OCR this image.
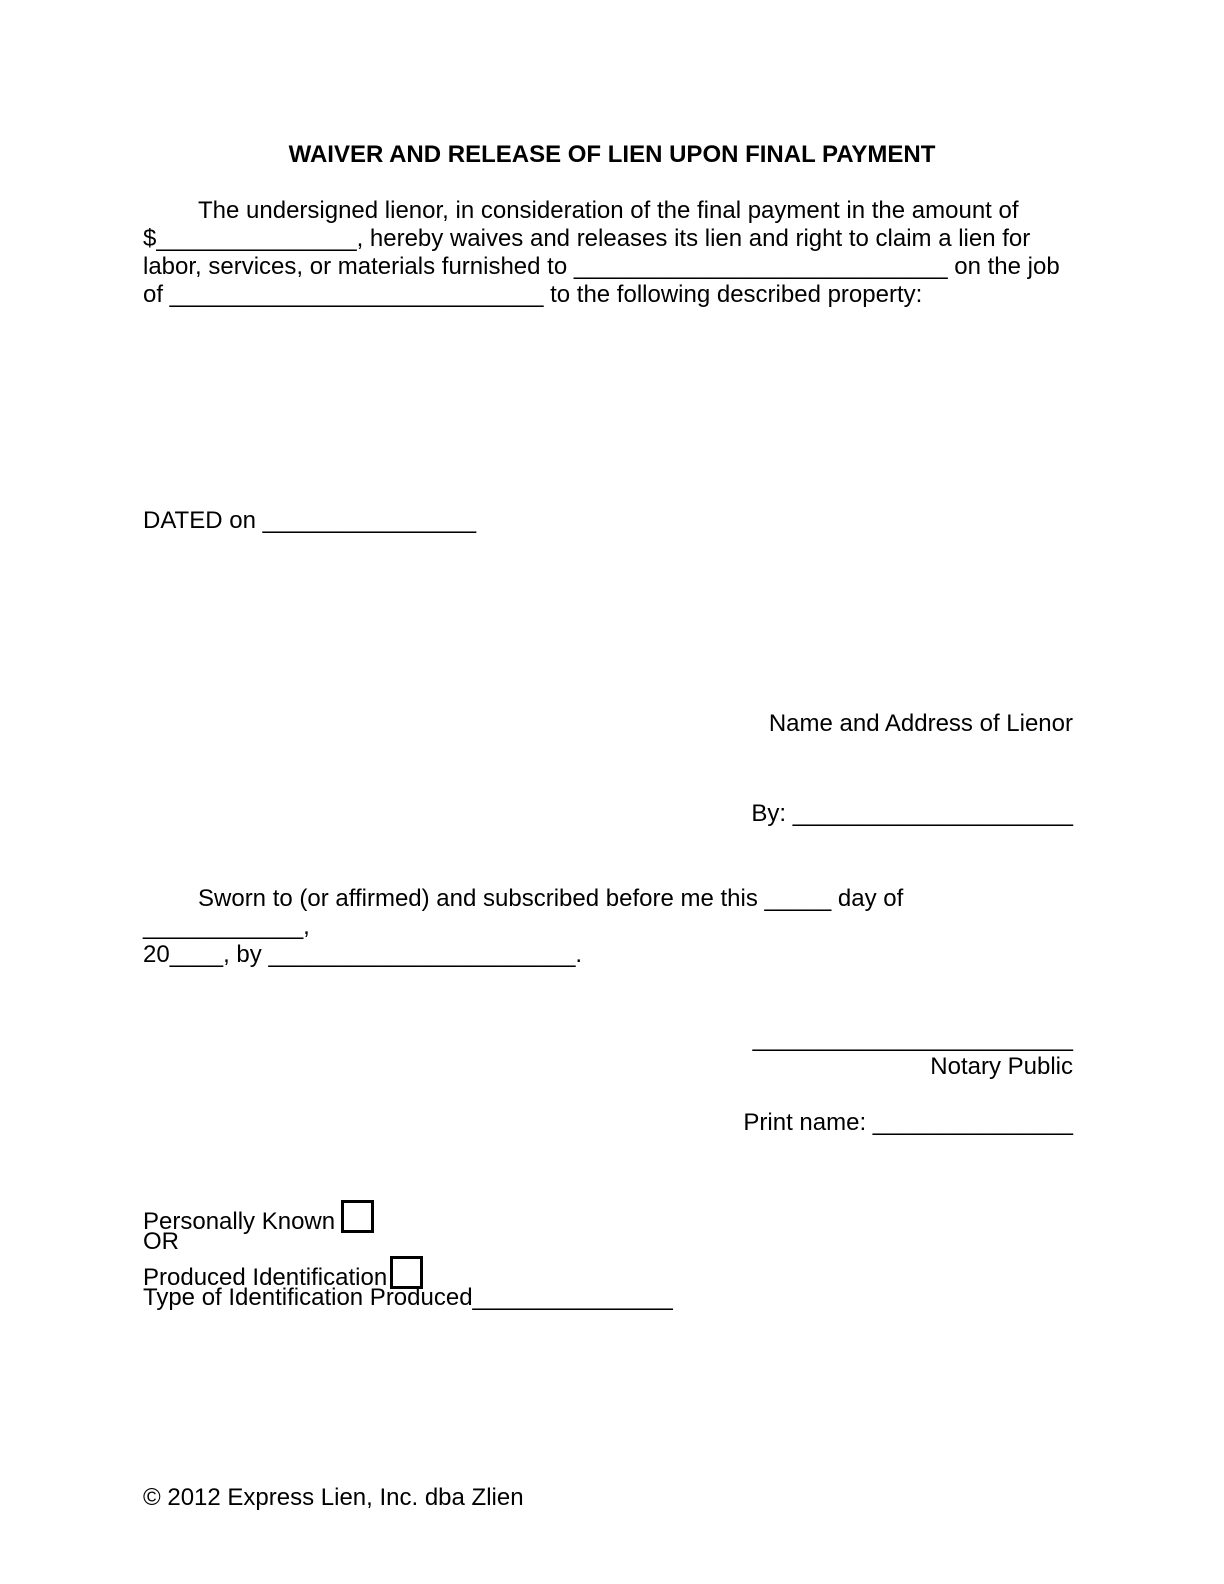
WAIVER AND RELEASE OF LIEN UPON FINAL PAYMENT
The undersigned lienor, in consideration of the final payment in the amount of
$_______________, hereby waives and releases its lien and right to claim a lien for
labor, services, or materials furnished to ____________________________ on the job
of ____________________________ to the following described property:
DATED on ________________
Name and Address of Lienor
By: _____________________
Sworn to (or affirmed) and subscribed before me this _____ day of ____________,
20____, by _______________________.
________________________
Notary Public
Print name: _______________
Personally Known
OR
Produced Identification
Type of Identification Produced_______________
© 2012 Express Lien, Inc. dba Zlien
